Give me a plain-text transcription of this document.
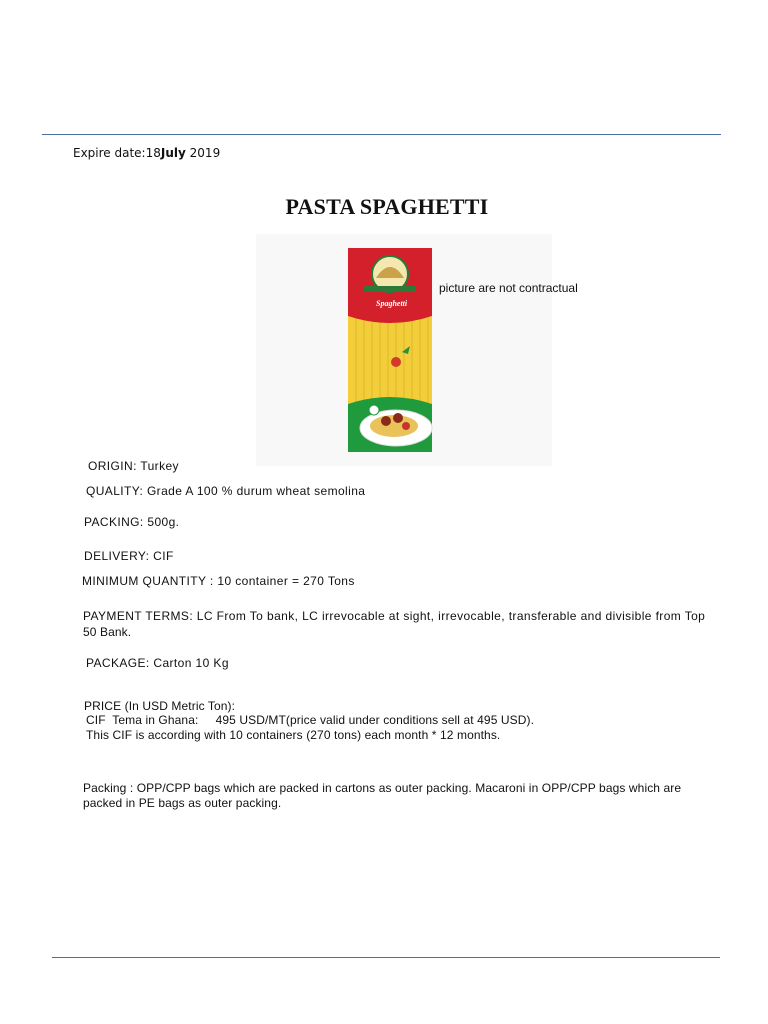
Expire date:18July 2019
PASTA SPAGHETTI
Spaghetti
picture are not contractual
ORIGIN: Turkey
QUALITY: Grade A 100 % durum wheat semolina
PACKING: 500g.
DELIVERY: CIF
MINIMUM QUANTITY : 10 container = 270 Tons
PAYMENT TERMS: LC From To bank, LC irrevocable at sight, irrevocable, transferable and divisible from Top
50 Bank.
PACKAGE: Carton 10 Kg
PRICE (In USD Metric Ton):
CIF  Tema in Ghana:     495 USD/MT(price valid under conditions sell at 495 USD).
This CIF is according with 10 containers (270 tons) each month * 12 months.
Packing : OPP/CPP bags which are packed in cartons as outer packing. Macaroni in OPP/CPP bags which are
packed in PE bags as outer packing.
